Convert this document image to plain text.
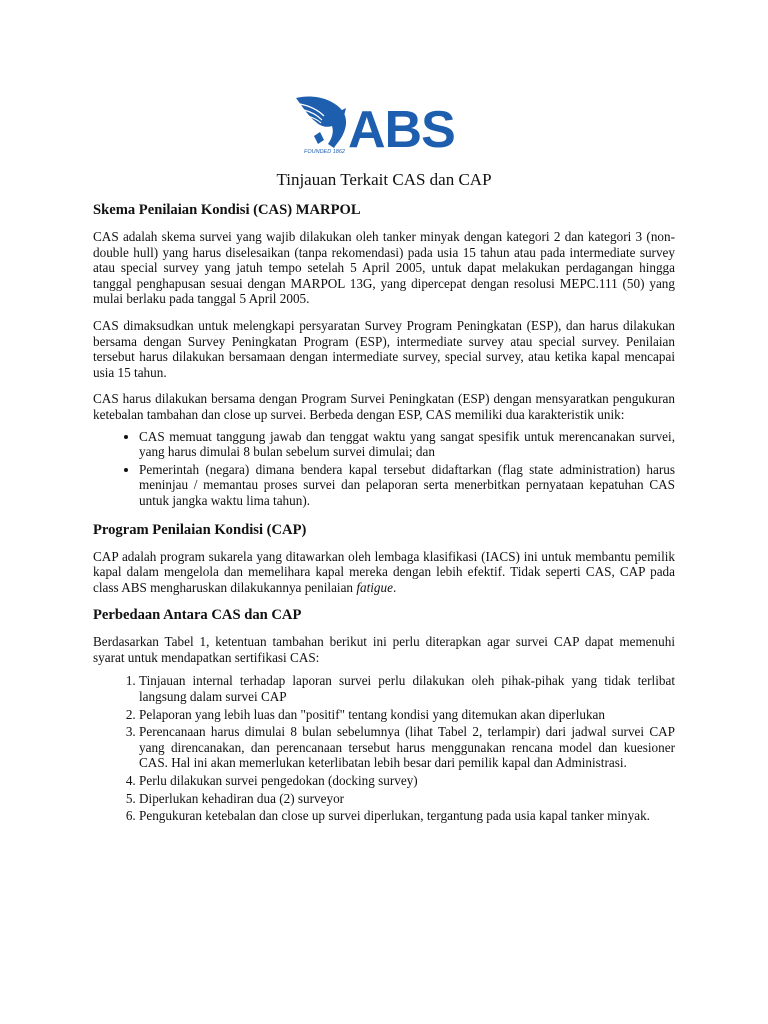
ABS
FOUNDED 1862
Tinjauan Terkait CAS dan CAP
Skema Penilaian Kondisi (CAS) MARPOL

CAS adalah skema survei yang wajib dilakukan oleh tanker minyak dengan kategori 2 dan kategori 3 (non-double hull) yang harus diselesaikan (tanpa rekomendasi) pada usia 15 tahun atau pada intermediate survey atau special survey yang jatuh tempo setelah 5 April 2005, untuk dapat melakukan perdagangan hingga tanggal penghapusan sesuai dengan MARPOL 13G, yang dipercepat dengan resolusi MEPC.111 (50) yang mulai berlaku pada tanggal 5 April 2005.

CAS dimaksudkan untuk melengkapi persyaratan Survey Program Peningkatan (ESP), dan harus dilakukan bersama dengan Survey Peningkatan Program (ESP), intermediate survey atau special survey. Penilaian tersebut harus dilakukan bersamaan dengan intermediate survey, special survey, atau ketika kapal mencapai usia 15 tahun.

CAS harus dilakukan bersama dengan Program Survei Peningkatan (ESP) dengan mensyaratkan pengukuran ketebalan tambahan dan close up survei. Berbeda dengan ESP, CAS memiliki dua karakteristik unik:

• CAS memuat tanggung jawab dan tenggat waktu yang sangat spesifik untuk merencanakan survei, yang harus dimulai 8 bulan sebelum survei dimulai; dan
• Pemerintah (negara) dimana bendera kapal tersebut didaftarkan (flag state administration) harus meninjau / memantau proses survei dan pelaporan serta menerbitkan pernyataan kepatuhan CAS untuk jangka waktu lima tahun).
Program Penilaian Kondisi (CAP)

CAP adalah program sukarela yang ditawarkan oleh lembaga klasifikasi (IACS) ini untuk membantu pemilik kapal dalam mengelola dan memelihara kapal mereka dengan lebih efektif. Tidak seperti CAS, CAP pada class ABS mengharuskan dilakukannya penilaian fatigue.

Perbedaan Antara CAS dan CAP

Berdasarkan Tabel 1, ketentuan tambahan berikut ini perlu diterapkan agar survei CAP dapat memenuhi syarat untuk mendapatkan sertifikasi CAS:

1. Tinjauan internal terhadap laporan survei perlu dilakukan oleh pihak-pihak yang tidak terlibat langsung dalam survei CAP
2. Pelaporan yang lebih luas dan "positif" tentang kondisi yang ditemukan akan diperlukan
3. Perencanaan harus dimulai 8 bulan sebelumnya (lihat Tabel 2, terlampir) dari jadwal survei CAP yang direncanakan, dan perencanaan tersebut harus menggunakan rencana model dan kuesioner CAS. Hal ini akan memerlukan keterlibatan lebih besar dari pemilik kapal dan Administrasi.
4. Perlu dilakukan survei pengedokan (docking survey)
5. Diperlukan kehadiran dua (2) surveyor
6. Pengukuran ketebalan dan close up survei diperlukan, tergantung pada usia kapal tanker minyak.
